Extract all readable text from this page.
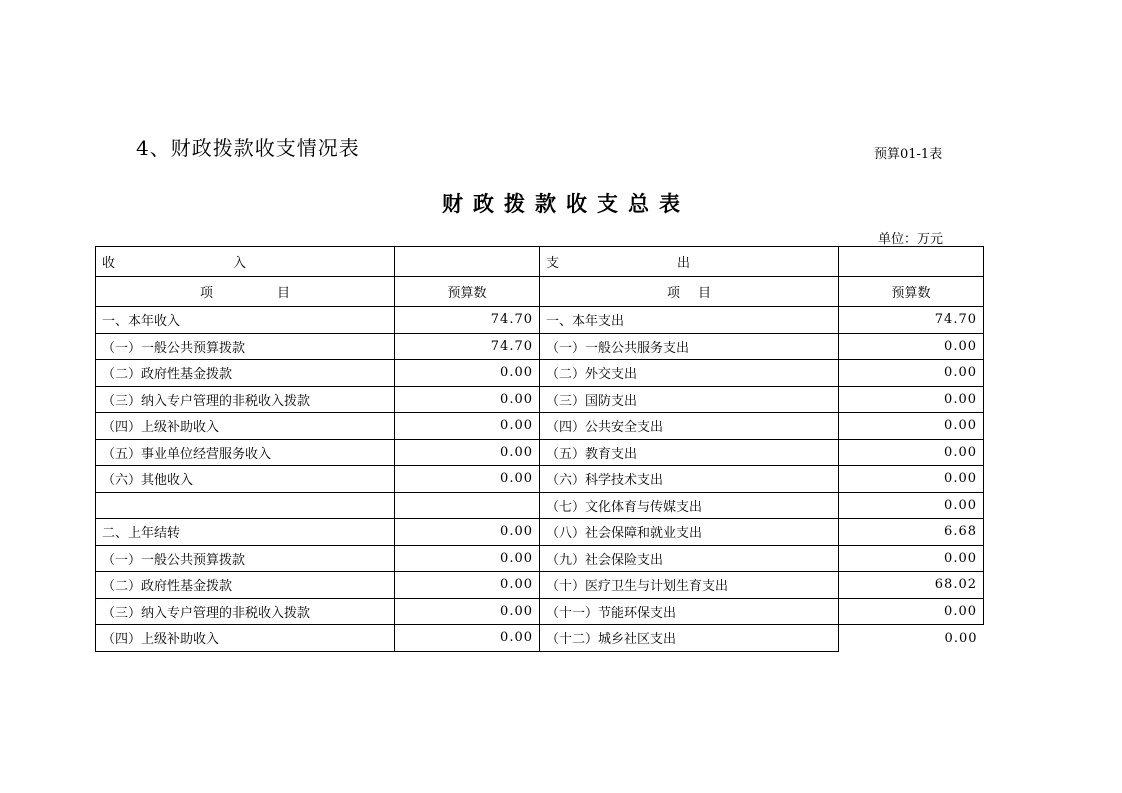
4、财政拨款收支情况表	预算01-1表
财 政 拨 款 收 支 总 表
单位：万元
收 入		支 出	
项 目	预算数	项 目	预算数
一、本年收入	74.70	一、本年支出	74.70
（一）一般公共预算拨款	74.70	（一）一般公共服务支出	0.00
（二）政府性基金拨款	0.00	（二）外交支出	0.00
（三）纳入专户管理的非税收入拨款	0.00	（三）国防支出	0.00
（四）上级补助收入	0.00	（四）公共安全支出	0.00
（五）事业单位经营服务收入	0.00	（五）教育支出	0.00
（六）其他收入	0.00	（六）科学技术支出	0.00
		（七）文化体育与传媒支出	0.00
二、上年结转	0.00	（八）社会保障和就业支出	6.68
（一）一般公共预算拨款	0.00	（九）社会保险支出	0.00
（二）政府性基金拨款	0.00	（十）医疗卫生与计划生育支出	68.02
（三）纳入专户管理的非税收入拨款	0.00	（十一）节能环保支出	0.00
（四）上级补助收入	0.00	（十二）城乡社区支出	0.00
